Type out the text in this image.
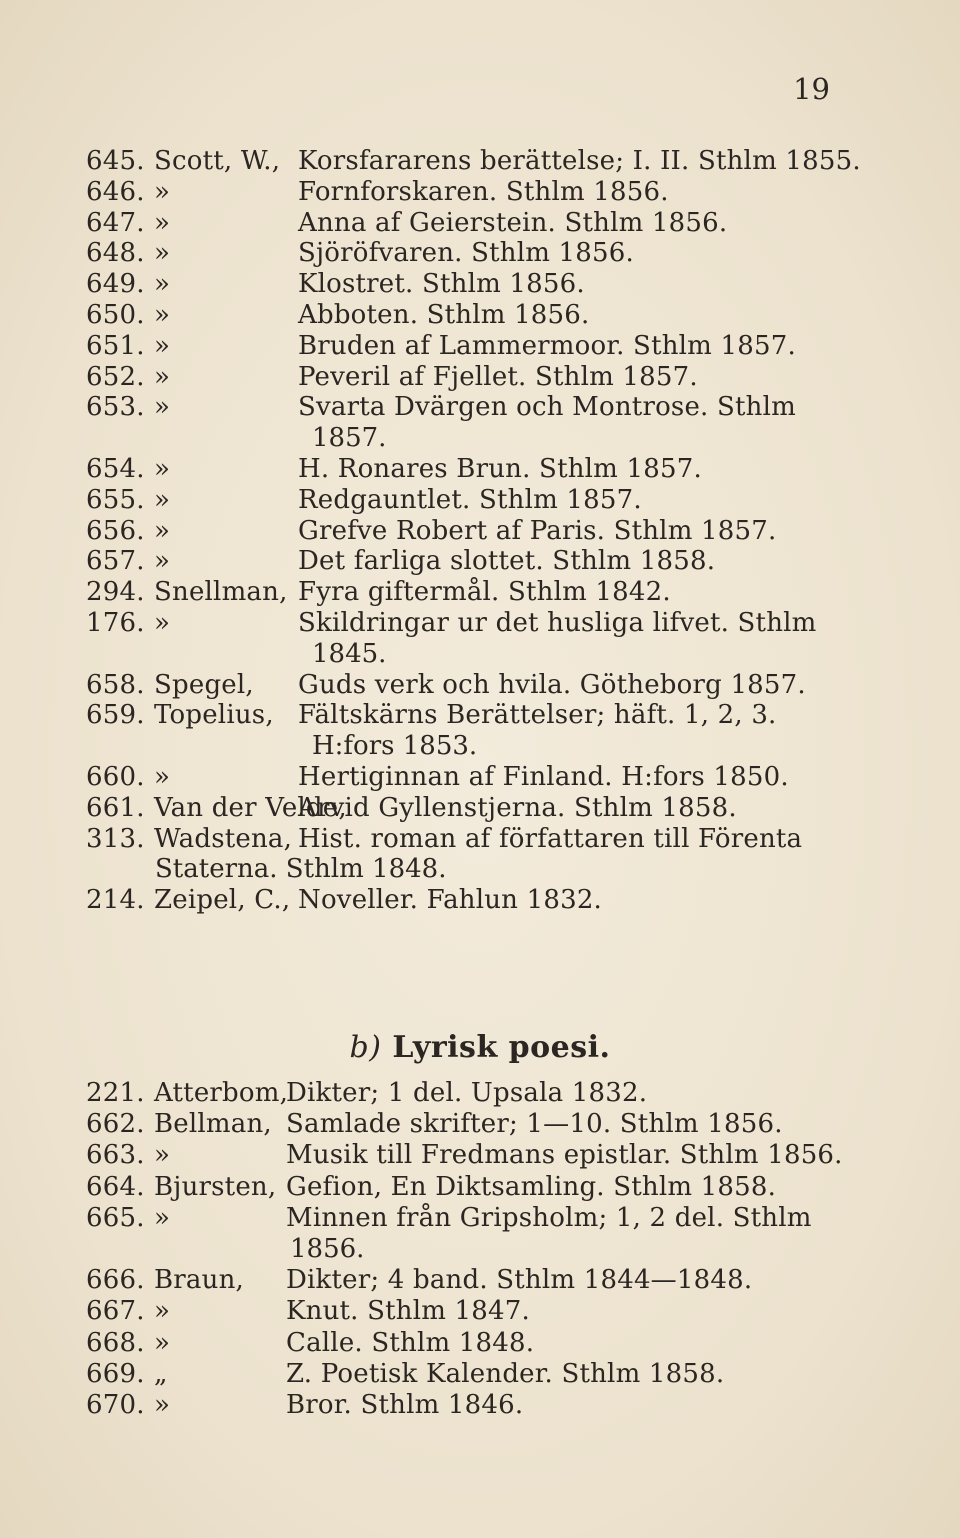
19
645. Scott, W., Korsfararens berättelse; I. II. Sthlm 1855.
646. »	Fornforskaren. Sthlm 1856.
647. »	Anna af Geierstein. Sthlm 1856.
648. »	Sjöröfvaren. Sthlm 1856.
649. »	Klostret. Sthlm 1856.
650. »	Abboten. Sthlm 1856.
651. »	Bruden af Lammermoor. Sthlm 1857.
652. »	Peveril af Fjellet. Sthlm 1857.
653. »	Svarta Dvärgen och Montrose. Sthlm
1857.
654. »	H. Ronares Brun. Sthlm 1857.
655. »	Redgauntlet. Sthlm 1857.
656. »	Grefve Robert af Paris. Sthlm 1857.
657. »	Det farliga slottet. Sthlm 1858.
294. Snellman, Fyra giftermål. Sthlm 1842.
176. »	Skildringar ur det husliga lifvet. Sthlm
1845.
658. Spegel, Guds verk och hvila. Götheborg 1857.
659. Topelius, Fältskärns Berättelser; häft. 1, 2, 3.
H:fors 1853.
660. »	Hertiginnan af Finland. H:fors 1850.
661. Van der Velde,Arvid Gyllenstjerna. Sthlm 1858.
313. Wadstena, Hist. roman af författaren till Förenta
Staterna. Sthlm 1848.
214. Zeipel, C., Noveller. Fahlun 1832.
b) Lyrisk poesi.
221. Atterbom,Dikter; 1 del. Upsala 1832.
662. Bellman, Samlade skrifter; 1—10. Sthlm 1856.
663. »	Musik till Fredmans epistlar. Sthlm 1856.
664. Bjursten, Gefion, En Diktsamling. Sthlm 1858.
665. »	Minnen från Gripsholm; 1, 2 del. Sthlm
1856.
666. Braun, Dikter; 4 band. Sthlm 1844—1848.
667. »	Knut. Sthlm 1847.
668. »	Calle. Sthlm 1848.
669. „	Z. Poetisk Kalender. Sthlm 1858.
670. »	Bror. Sthlm 1846.
